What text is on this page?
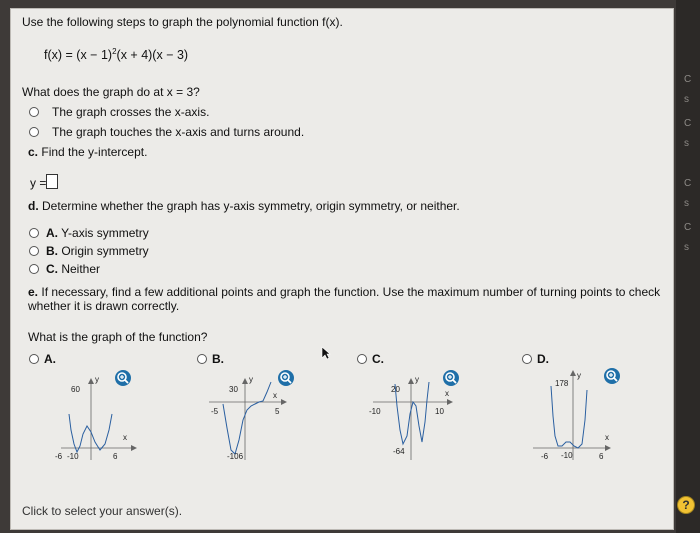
C
s
C
s
C
s
C
s
Use the following steps to graph the polynomial function f(x).
$f(x) = (x - 1)^2(x + 4)(x - 3)$
What does the graph do at x = 3?
The graph crosses the x-axis.
The graph touches the x-axis and turns around.
c. Find the y-intercept.
y =
d. Determine whether the graph has y-axis symmetry, origin symmetry, or neither.
A. Y-axis symmetry
B. Origin symmetry
C. Neither
e. If necessary, find a few additional points and graph the function. Use the maximum number of turning points to check whether it is drawn correctly.
What is the graph of the function?
A.	B.	C.	D.
y
60
-10
x
-6	6
y
30
-106
x
-5	5
y
20
-64
x
-10	10
y
178
-10
x
-6	6
Click to select your answer(s).	?
